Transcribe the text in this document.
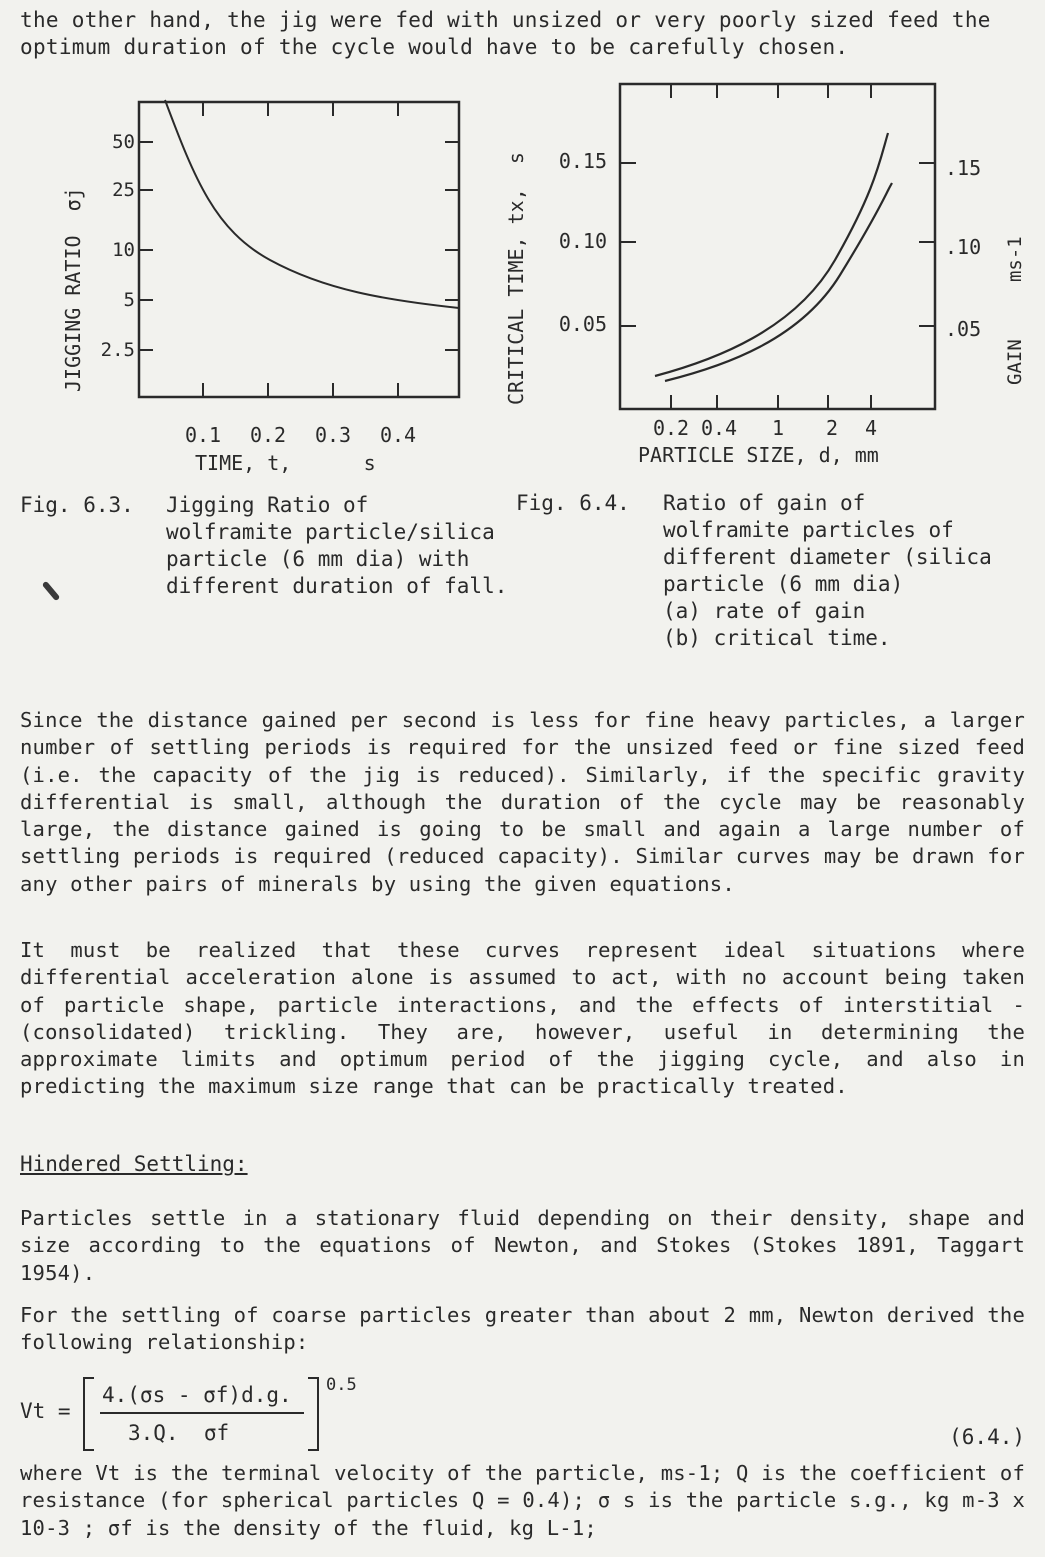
the other hand, the jig were fed with unsized or very poorly sized feed the
optimum duration of the cycle would have to be carefully chosen.
50
25
10
5
2.5
0.1 0.2 0.3 0.4
TIME, t,      s
JIGGING RATIO  σj
0.15
0.10
0.05
.15
.10
.05
0.2 0.4 1 2 4
PARTICLE SIZE, d, mm
CRITICAL TIME, tx,  s	GAIN     ms-1
Fig. 6.3. Jigging Ratio of
wolframite particle/silica
particle (6 mm dia) with
different duration of fall.
Fig. 6.4. Ratio of gain of
wolframite particles of
different diameter (silica
particle (6 mm dia)
(a) rate of gain
(b) critical time.
Since the distance gained per second is less for fine heavy particles, a larger number of settling periods is required for the unsized feed or fine sized feed (i.e. the capacity of the jig is reduced). Similarly, if the specific gravity differential is small, although the duration of the cycle may be reasonably large, the distance gained is going to be small and again a large number of settling periods is required (reduced capacity). Similar curves may be drawn for any other pairs of minerals by using the given equations.
It must be realized that these curves represent ideal situations where differential acceleration alone is assumed to act, with no account being taken of particle shape, particle interactions, and the effects of interstitial - (consolidated) trickling. They are, however, useful in determining the approximate limits and optimum period of the jigging cycle, and also in predicting the maximum size range that can be practically treated.
Hindered Settling:
Particles settle in a stationary fluid depending on their density, shape and size according to the equations of Newton, and Stokes (Stokes 1891, Taggart 1954).
For the settling of coarse particles greater than about 2 mm, Newton derived the following relationship:
Vt =
4.(σs - σf)d.g.
3.Q.  σf
0.5
(6.4.)
where Vt is the terminal velocity of the particle, ms-1; Q is the coefficient of resistance (for spherical particles Q = 0.4); σ s is the particle s.g., kg m-3 x 10-3 ; σf is the density of the fluid, kg L-1;
